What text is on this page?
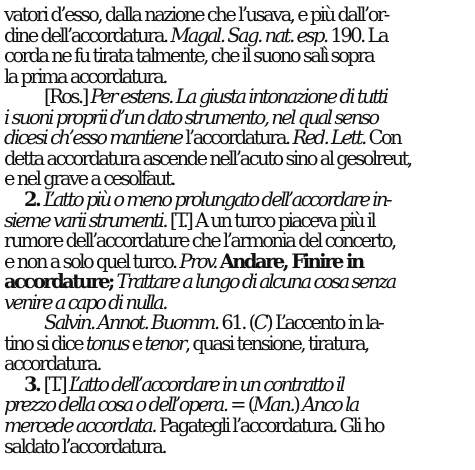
vatori d’esso, dalla nazione che l’usava, e più dall’or-
dine dell’accordatura. Magal. Sag. nat. esp. 190. La
corda ne fu tirata talmente, che il suono salì sopra
la prima accordatura.
[Ros.] Per estens. La giusta intonazione di tutti
i suoni proprii d’un dato strumento, nel qual senso
dicesi ch’esso mantiene l’accordatura. Red. Lett. Con
detta accordatura ascende nell’acuto sino al gesolreut,
e nel grave a cesolfaut.
2. L’atto più o meno prolungato dell’accordare in-
sieme varii strumenti. [T.] A un turco piaceva più il
rumore dell’accordature che l’armonia del concerto,
e non a solo quel turco. Prov. Andare, Finire in
accordature; Trattare a lungo di alcuna cosa senza
venire a capo di nulla.
Salvin. Annot. Buomm. 61. (C) L’accento in la-
tino si dice tonus e tenor, quasi tensione, tiratura,
accordatura.
3. [T.] L’atto dell’accordare in un contratto il
prezzo della cosa o dell’opera. = (Man.) Anco la
mercede accordata. Pagategli l’accordatura. Gli ho
saldato l’accordatura.
